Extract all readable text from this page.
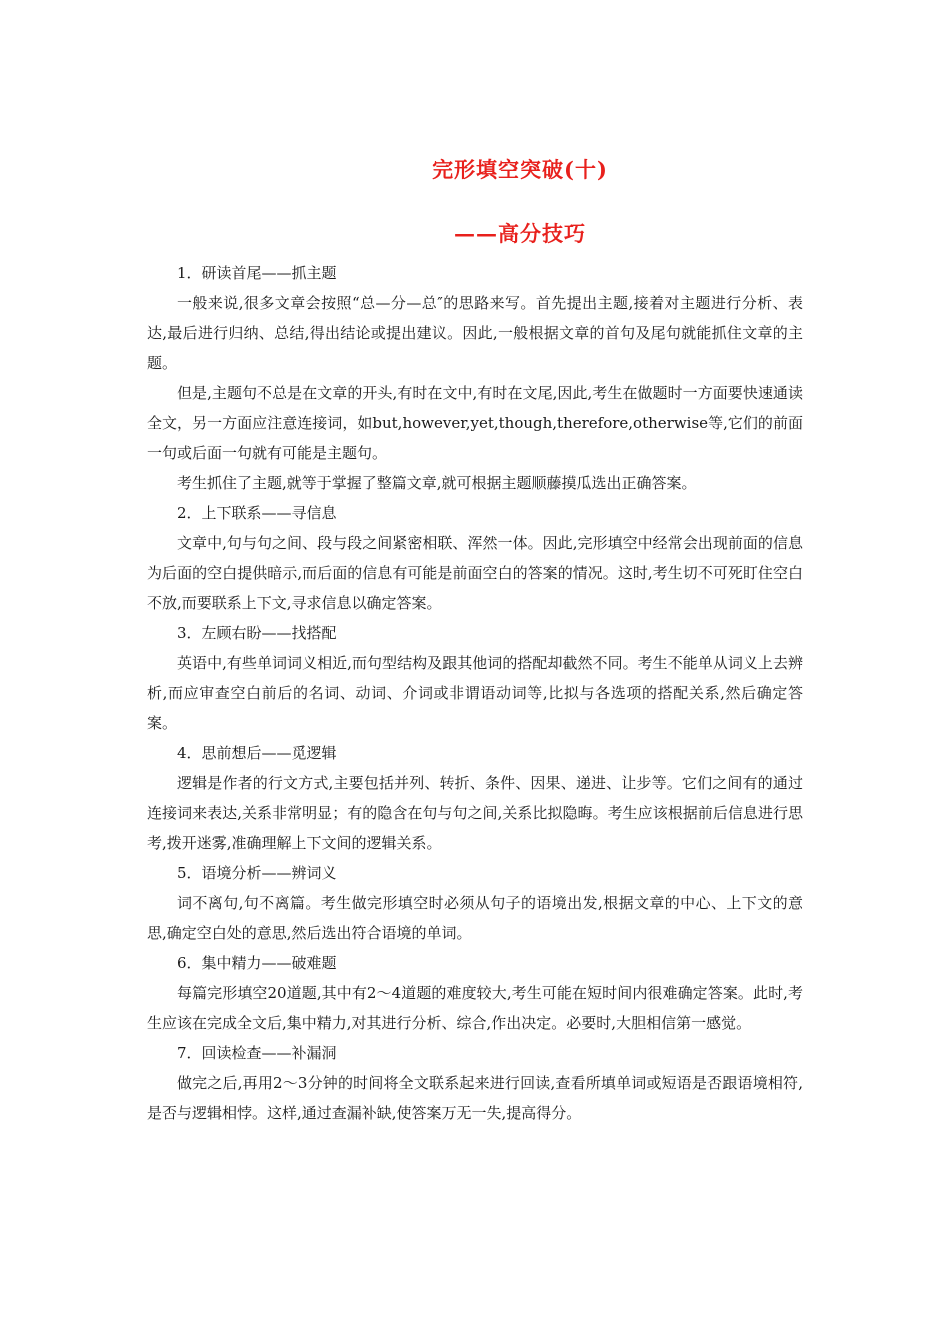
完形填空突破(十)
——高分技巧

1．研读首尾——抓主题

一般来说,很多文章会按照“总—分—总″的思路来写。首先提出主题,接着对主题进行分析、表达,最后进行归纳、总结,得出结论或提出建议。因此,一般根据文章的首句及尾句就能抓住文章的主题。

但是,主题句不总是在文章的开头,有时在文中,有时在文尾,因此,考生在做题时一方面要快速通读全文，另一方面应注意连接词，如but,however,yet,though,therefore,otherwise等,它们的前面一句或后面一句就有可能是主题句。

考生抓住了主题,就等于掌握了整篇文章,就可根据主题顺藤摸瓜选出正确答案。

2．上下联系——寻信息

文章中,句与句之间、段与段之间紧密相联、浑然一体。因此,完形填空中经常会出现前面的信息为后面的空白提供暗示,而后面的信息有可能是前面空白的答案的情况。这时,考生切不可死盯住空白不放,而要联系上下文,寻求信息以确定答案。

3．左顾右盼——找搭配

英语中,有些单词词义相近,而句型结构及跟其他词的搭配却截然不同。考生不能单从词义上去辨析,而应审查空白前后的名词、动词、介词或非谓语动词等,比拟与各选项的搭配关系,然后确定答案。

4．思前想后——觅逻辑

逻辑是作者的行文方式,主要包括并列、转折、条件、因果、递进、让步等。它们之间有的通过连接词来表达,关系非常明显；有的隐含在句与句之间,关系比拟隐晦。考生应该根据前后信息进行思考,拨开迷雾,准确理解上下文间的逻辑关系。

5．语境分析——辨词义

词不离句,句不离篇。考生做完形填空时必须从句子的语境出发,根据文章的中心、上下文的意思,确定空白处的意思,然后选出符合语境的单词。

6．集中精力——破难题

每篇完形填空20道题,其中有2～4道题的难度较大,考生可能在短时间内很难确定答案。此时,考生应该在完成全文后,集中精力,对其进行分析、综合,作出决定。必要时,大胆相信第一感觉。

7．回读检查——补漏洞

做完之后,再用2～3分钟的时间将全文联系起来进行回读,查看所填单词或短语是否跟语境相符,是否与逻辑相悖。这样,通过查漏补缺,使答案万无一失,提高得分。
